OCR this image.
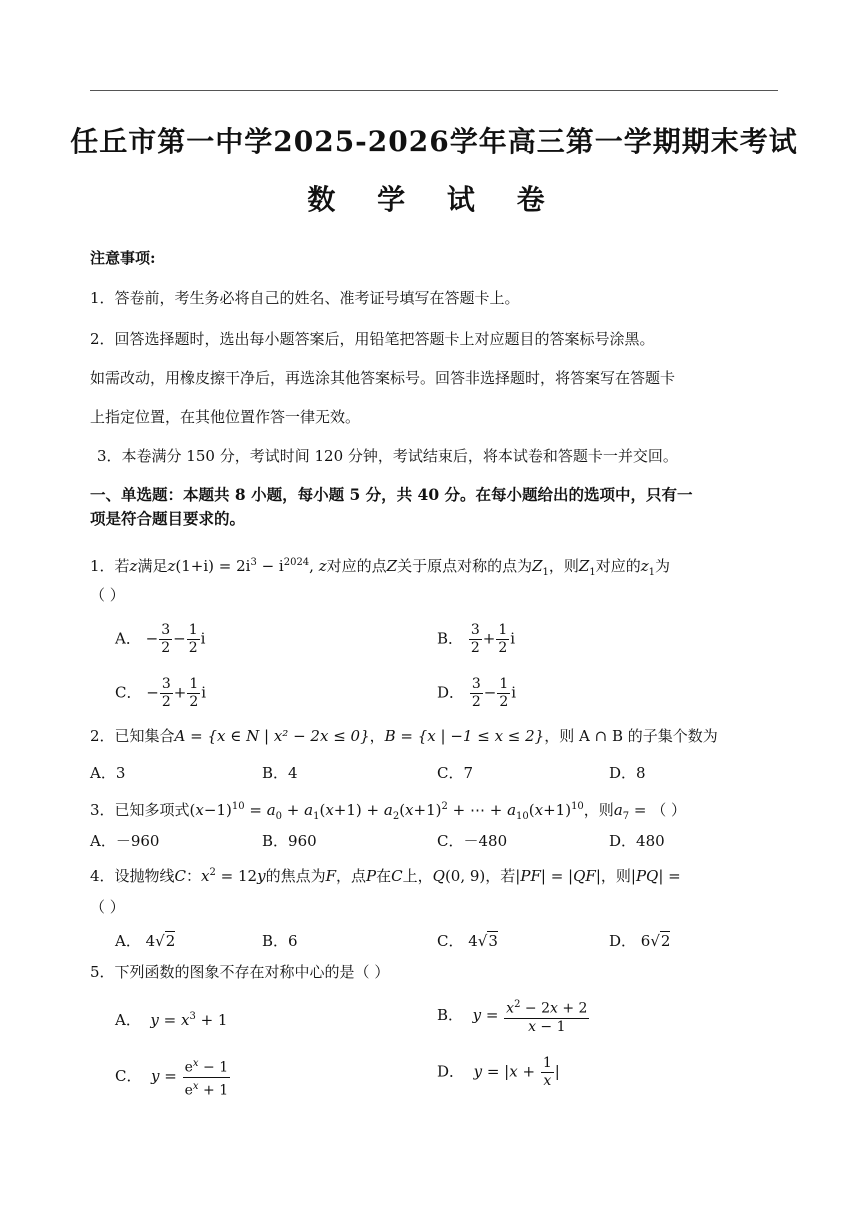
任丘市第一中学2025-2026学年高三第一学期期末考试
数 学 试 卷
注意事项:
1．答卷前，考生务必将自己的姓名、准考证号填写在答题卡上。
2．回答选择题时，选出每小题答案后，用铅笔把答题卡上对应题目的答案标号涂黑。
如需改动，用橡皮擦干净后，再选涂其他答案标号。回答非选择题时，将答案写在答题卡
上指定位置，在其他位置作答一律无效。
3．本卷满分 150 分，考试时间 120 分钟，考试结束后，将本试卷和答题卡一并交回。
一、单选题：本题共 8 小题，每小题 5 分，共 40 分。在每小题给出的选项中，只有一
项是符合题目要求的。
1．若z满足$z(1+i) = 2i^3 - i^{2024}$, z对应的点Z关于原点对称的点为$Z_1$，则$Z_1$对应的$z_1$为
（ ）
A． − $\frac{3}{2} - \frac{1}{2}$ i	B． $\frac{3}{2} + \frac{1}{2}$ i
C． − $\frac{3}{2} + \frac{1}{2}$ i	D． $\frac{3}{2} - \frac{1}{2}$ i
2．已知集合A = {x ∈ N | x² − 2x ≤ 0}，B = {x | −1 ≤ x ≤ 2}，则 A ∩ B 的子集个数为
A．3	B．4	C．7	D．8
3．已知多项式$(x-1)^{10} = a_0 + a_1(x+1) + a_2(x+1)^2$ + ⋯ + $a_{10}(x+1)^{10}$，则$a_7$ = （ ）
A．－960	B．960	C．－480	D．480
4．设抛物线C：$x^2 = 12y$的焦点为F，点P在C上，Q(0, 9)，若|PF| = |QF|，则|PQ| =
（ ）
A． 4√2	B．6	C． 4√3	D． 6√2
5．下列函数的图象不存在对称中心的是（ ）
A． $y = x^3 + 1$	B． $y = \frac{x^2 - 2x + 2}{x - 1}$
C． $y = \frac{e^x - 1}{e^x + 1}$	D． $y = |x + \frac{1}{x}$ |
